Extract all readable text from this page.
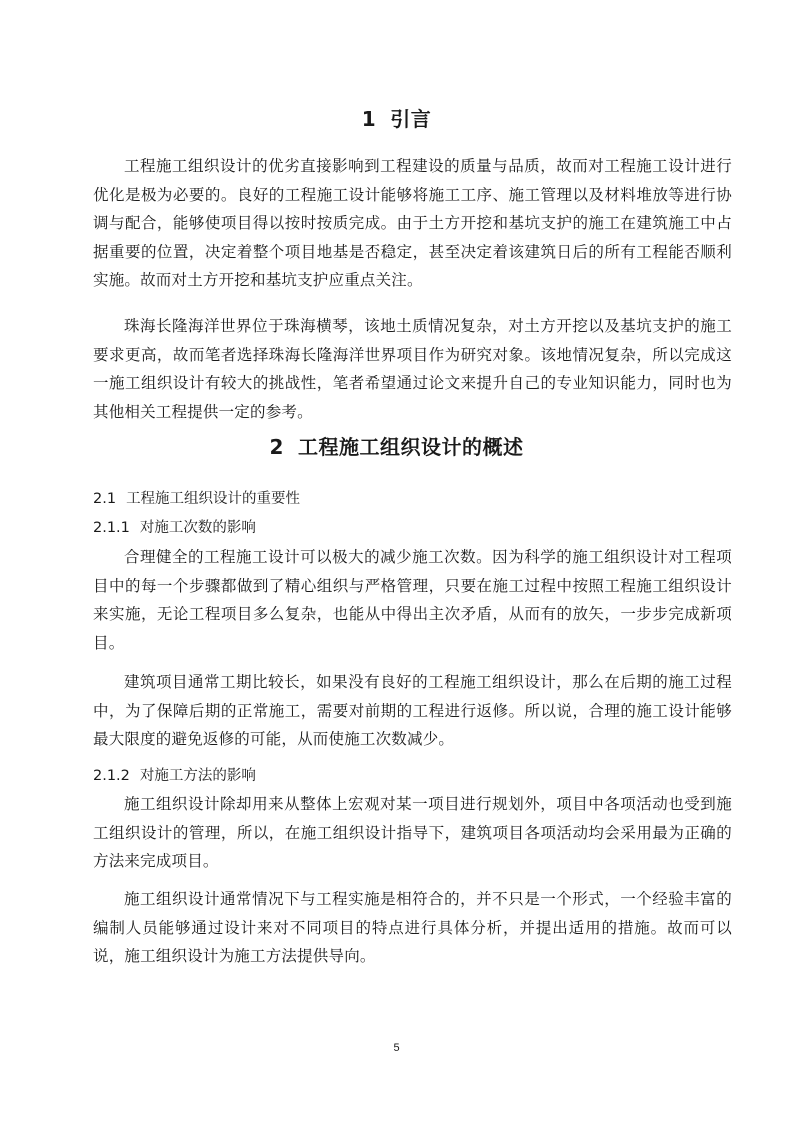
1 引言

工程施工组织设计的优劣直接影响到工程建设的质量与品质，故而对工程施工设计进行优化是极为必要的。良好的工程施工设计能够将施工工序、施工管理以及材料堆放等进行协调与配合，能够使项目得以按时按质完成。由于土方开挖和基坑支护的施工在建筑施工中占据重要的位置，决定着整个项目地基是否稳定，甚至决定着该建筑日后的所有工程能否顺利实施。故而对土方开挖和基坑支护应重点关注。

珠海长隆海洋世界位于珠海横琴，该地土质情况复杂，对土方开挖以及基坑支护的施工要求更高，故而笔者选择珠海长隆海洋世界项目作为研究对象。该地情况复杂，所以完成这一施工组织设计有较大的挑战性，笔者希望通过论文来提升自己的专业知识能力，同时也为其他相关工程提供一定的参考。

2 工程施工组织设计的概述
2.1 工程施工组织设计的重要性
2.1.1 对施工次数的影响

合理健全的工程施工设计可以极大的减少施工次数。因为科学的施工组织设计对工程项目中的每一个步骤都做到了精心组织与严格管理，只要在施工过程中按照工程施工组织设计来实施，无论工程项目多么复杂，也能从中得出主次矛盾，从而有的放矢，一步步完成新项目。

建筑项目通常工期比较长，如果没有良好的工程施工组织设计，那么在后期的施工过程中，为了保障后期的正常施工，需要对前期的工程进行返修。所以说，合理的施工设计能够最大限度的避免返修的可能，从而使施工次数减少。

2.1.2 对施工方法的影响

施工组织设计除却用来从整体上宏观对某一项目进行规划外，项目中各项活动也受到施工组织设计的管理，所以，在施工组织设计指导下，建筑项目各项活动均会采用最为正确的方法来完成项目。

施工组织设计通常情况下与工程实施是相符合的，并不只是一个形式，一个经验丰富的编制人员能够通过设计来对不同项目的特点进行具体分析，并提出适用的措施。故而可以说，施工组织设计为施工方法提供导向。

5
